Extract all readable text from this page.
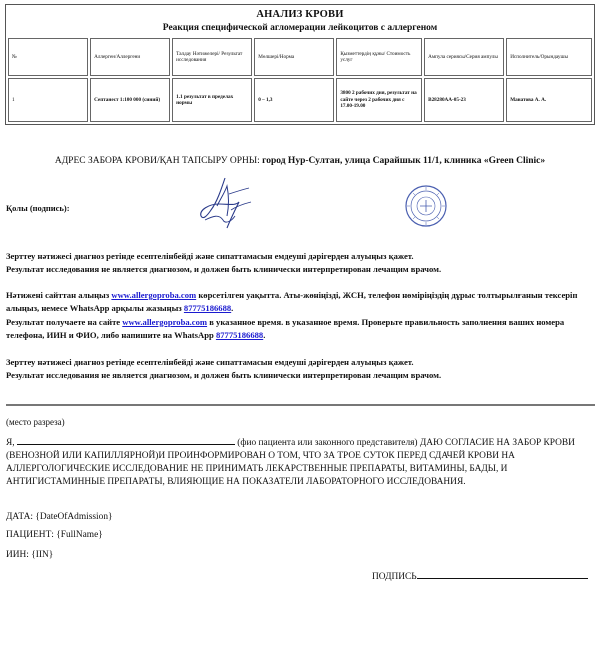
АНАЛИЗ КРОВИ
Реакция специфической агломерации лейкоцитов с аллергеном
№	Аллерген/Аллергени	Талдау Нәтижелері/ Результат исследования	Мөлшері/Норма	Қызметтердің құны/ Стоимость услуг	Ампула сериясы/Серия ампулы	Исполнитель/Орындаушы
1	Септанест 1:100 000 (синий)	1.1 результат в пределах нормы	0 – 1,3	3800 2 рабочих дня, результат на сайте через 2 рабочих дня с 17.00-19.00	В28280АА-05-23	Манатова А. А.
АДРЕС ЗАБОРА КРОВИ/ҚАН ТАПСЫРУ ОРНЫ: город Нур-Султан, улица Сарайшык 11/1, клиника «Green Clinic»
Қолы (подпись):
Зерттеу нәтижесі диагноз ретінде есептелінбейді және сипаттамасын емдеуші дәрігерден алуыңыз қажет.
Результат исследования не является диагнозом, и должен быть клинически интерпретирован лечащим врачом.
Нәтижені сайттан алыңыз www.allergoproba.com көрсетілген уақытта. Аты-жөніңізді, ЖСН, телефон нөміріңіздің дұрыс толтырылғанын тексеріп алыңыз, немесе WhatsApp арқылы жазыңыз 87775186688.
Результат получаете на сайте www.allergoproba.com в указанное время. в указанное время. Проверьте правильность заполнения ваших номера телефона, ИИН и ФИО, либо напишите на WhatsApp 87775186688.
Зерттеу нәтижесі диагноз ретінде есептелінбейді және сипаттамасын емдеуші дәрігерден алуыңыз қажет.
Результат исследования не является диагнозом, и должен быть клинически интерпретирован лечащим врачом.
(место разреза)
Я,	(фио пациента или законного представителя) ДАЮ СОГЛАСИЕ НА ЗАБОР КРОВИ (ВЕНОЗНОЙ ИЛИ КАПИЛЛЯРНОЙ)И ПРОИНФОРМИРОВАН О ТОМ, ЧТО ЗА ТРОЕ СУТОК ПЕРЕД СДАЧЕЙ КРОВИ НА АЛЛЕРГОЛОГИЧЕСКИЕ ИССЛЕДОВАНИЕ НЕ ПРИНИМАТЬ ЛЕКАРСТВЕННЫЕ ПРЕПАРАТЫ, ВИТАМИНЫ, БАДЫ, И АНТИГИСТАМИННЫЕ ПРЕПАРАТЫ, ВЛИЯЮЩИЕ НА ПОКАЗАТЕЛИ ЛАБОРАТОРНОГО ИССЛЕДОВАНИЯ.
ДАТА: {DateOfAdmission}
ПАЦИЕНТ: {FullName}
ИИН: {IIN}
ПОДПИСЬ
